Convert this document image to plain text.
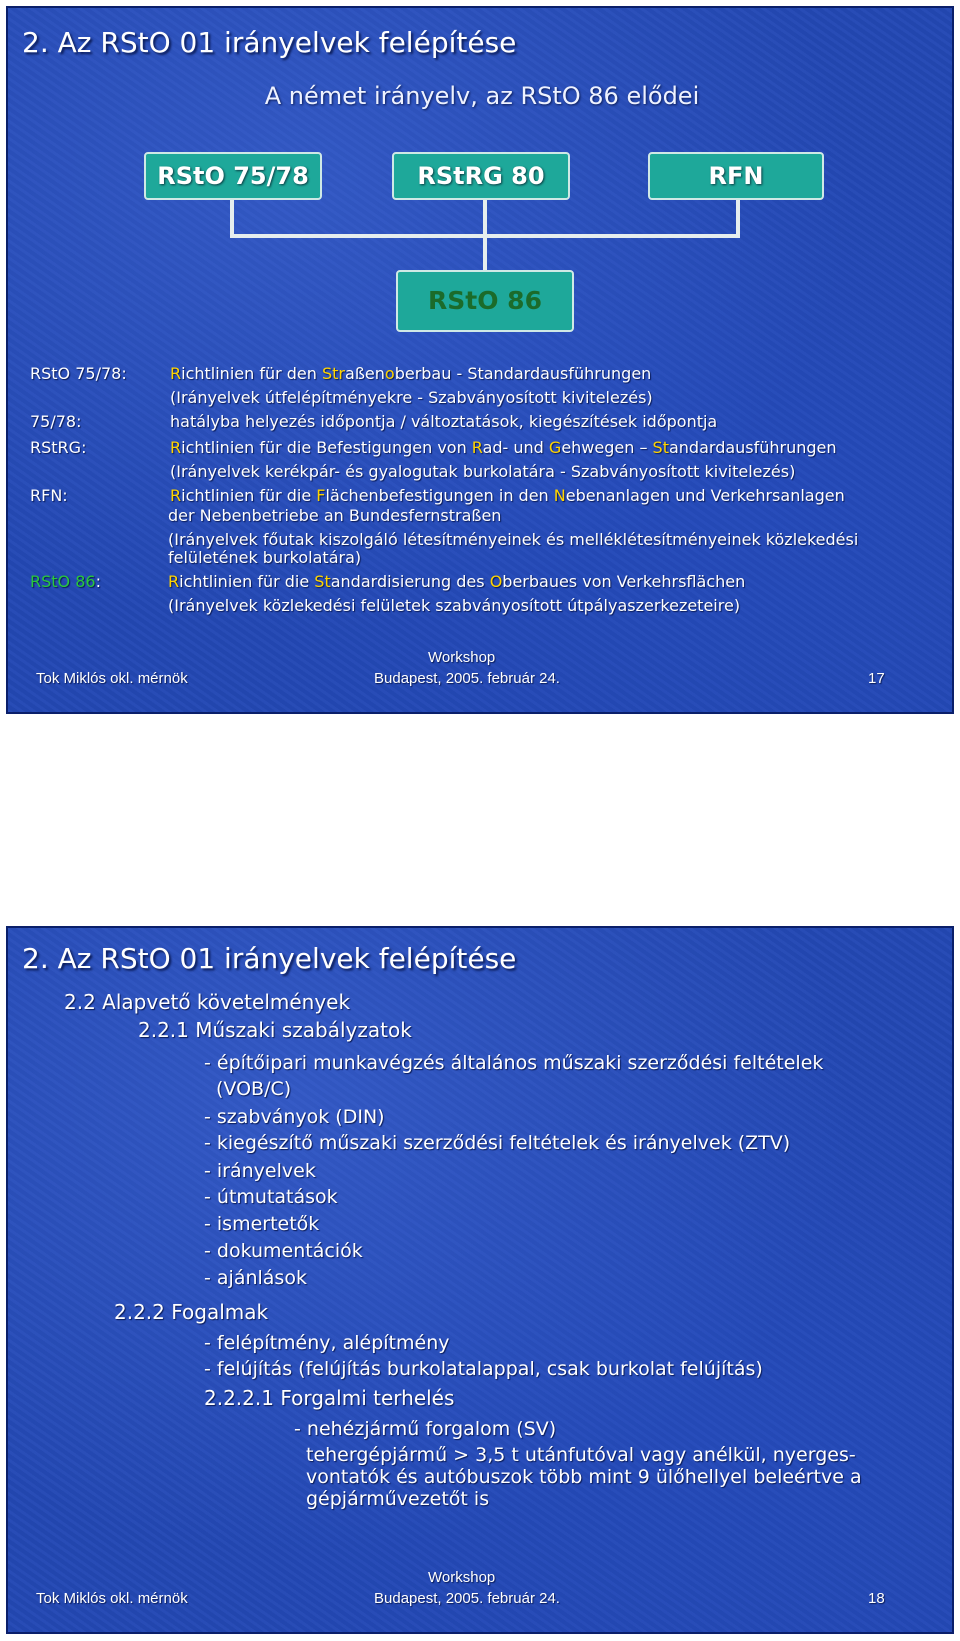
2. Az RStO 01 irányelvek felépítése
A német irányelv, az RStO 86 elődei
RStO 75/78	RStRG 80	RFN
RStO 86
RStO 75/78:	Richtlinien für den Straßenoberbau - Standardausführungen
(Irányelvek útfelépítményekre - Szabványosított kivitelezés)
75/78:	hatályba helyezés időpontja / változtatások, kiegészítések időpontja
RStRG:	Richtlinien für die Befestigungen von Rad- und Gehwegen – Standardausführungen
(Irányelvek kerékpár- és gyalogutak burkolatára - Szabványosított kivitelezés)
RFN:	Richtlinien für die Flächenbefestigungen in den Nebenanlagen und Verkehrsanlagen
der Nebenbetriebe an Bundesfernstraßen
(Irányelvek főutak kiszolgáló létesítményeinek és melléklétesítményeinek közlekedési
felületének burkolatára)
RStO 86:	Richtlinien für die Standardisierung des Oberbaues von Verkehrsflächen
(Irányelvek közlekedési felületek szabványosított útpályaszerkezeteire)
Workshop
Tok Miklós okl. mérnök	Budapest, 2005. február 24.	17
2. Az RStO 01 irányelvek felépítése
2.2 Alapvető követelmények
2.2.1 Műszaki szabályzatok
- építőipari munkavégzés általános műszaki szerződési feltételek
(VOB/C)
- szabványok (DIN)
- kiegészítő műszaki szerződési feltételek és irányelvek (ZTV)
- irányelvek
- útmutatások
- ismertetők
- dokumentációk
- ajánlások
2.2.2 Fogalmak
- felépítmény, alépítmény
- felújítás (felújítás burkolatalappal, csak burkolat felújítás)
2.2.2.1 Forgalmi terhelés
- nehézjármű forgalom (SV)
tehergépjármű > 3,5 t utánfutóval vagy anélkül, nyerges-
vontatók és autóbuszok több mint 9 ülőhellyel beleértve a
gépjárművezetőt is
Workshop
Tok Miklós okl. mérnök	Budapest, 2005. február 24.	18
